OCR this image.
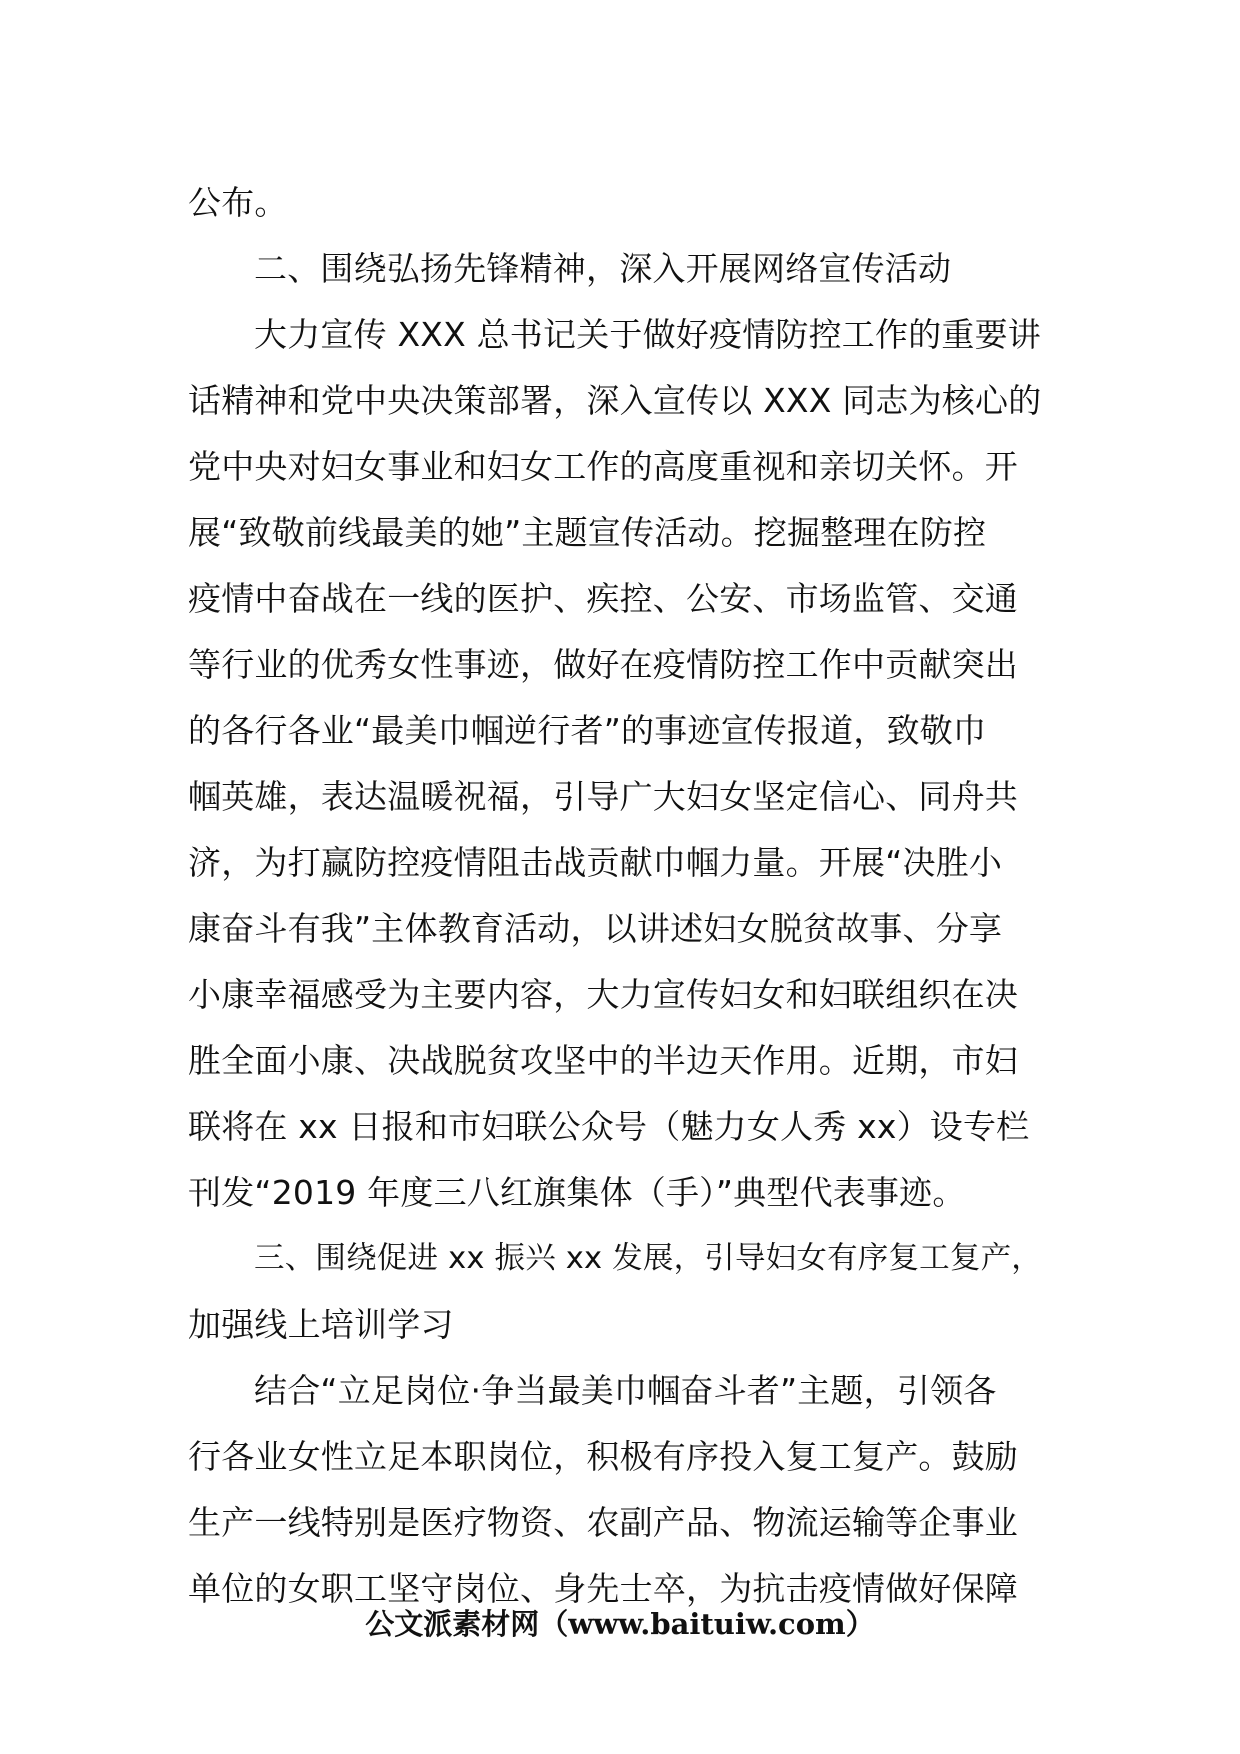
公布。
二、围绕弘扬先锋精神，深入开展网络宣传活动
大力宣传 XXX 总书记关于做好疫情防控工作的重要讲
话精神和党中央决策部署，深入宣传以 XXX 同志为核心的
党中央对妇女事业和妇女工作的高度重视和亲切关怀。开
展“致敬前线最美的她”主题宣传活动。挖掘整理在防控
疫情中奋战在一线的医护、疾控、公安、市场监管、交通
等行业的优秀女性事迹，做好在疫情防控工作中贡献突出
的各行各业“最美巾帼逆行者”的事迹宣传报道，致敬巾
帼英雄，表达温暖祝福，引导广大妇女坚定信心、同舟共
济，为打赢防控疫情阻击战贡献巾帼力量。开展“决胜小
康奋斗有我”主体教育活动，以讲述妇女脱贫故事、分享
小康幸福感受为主要内容，大力宣传妇女和妇联组织在决
胜全面小康、决战脱贫攻坚中的半边天作用。近期，市妇
联将在 xx 日报和市妇联公众号（魅力女人秀 xx）设专栏
刊发“2019 年度三八红旗集体（手）”典型代表事迹。
三、围绕促进 xx 振兴 xx 发展，引导妇女有序复工复产，
加强线上培训学习
结合“立足岗位·争当最美巾帼奋斗者”主题，引领各
行各业女性立足本职岗位，积极有序投入复工复产。鼓励
生产一线特别是医疗物资、农副产品、物流运输等企事业
单位的女职工坚守岗位、身先士卒，为抗击疫情做好保障
公文派素材网（www.baituiw.com）
